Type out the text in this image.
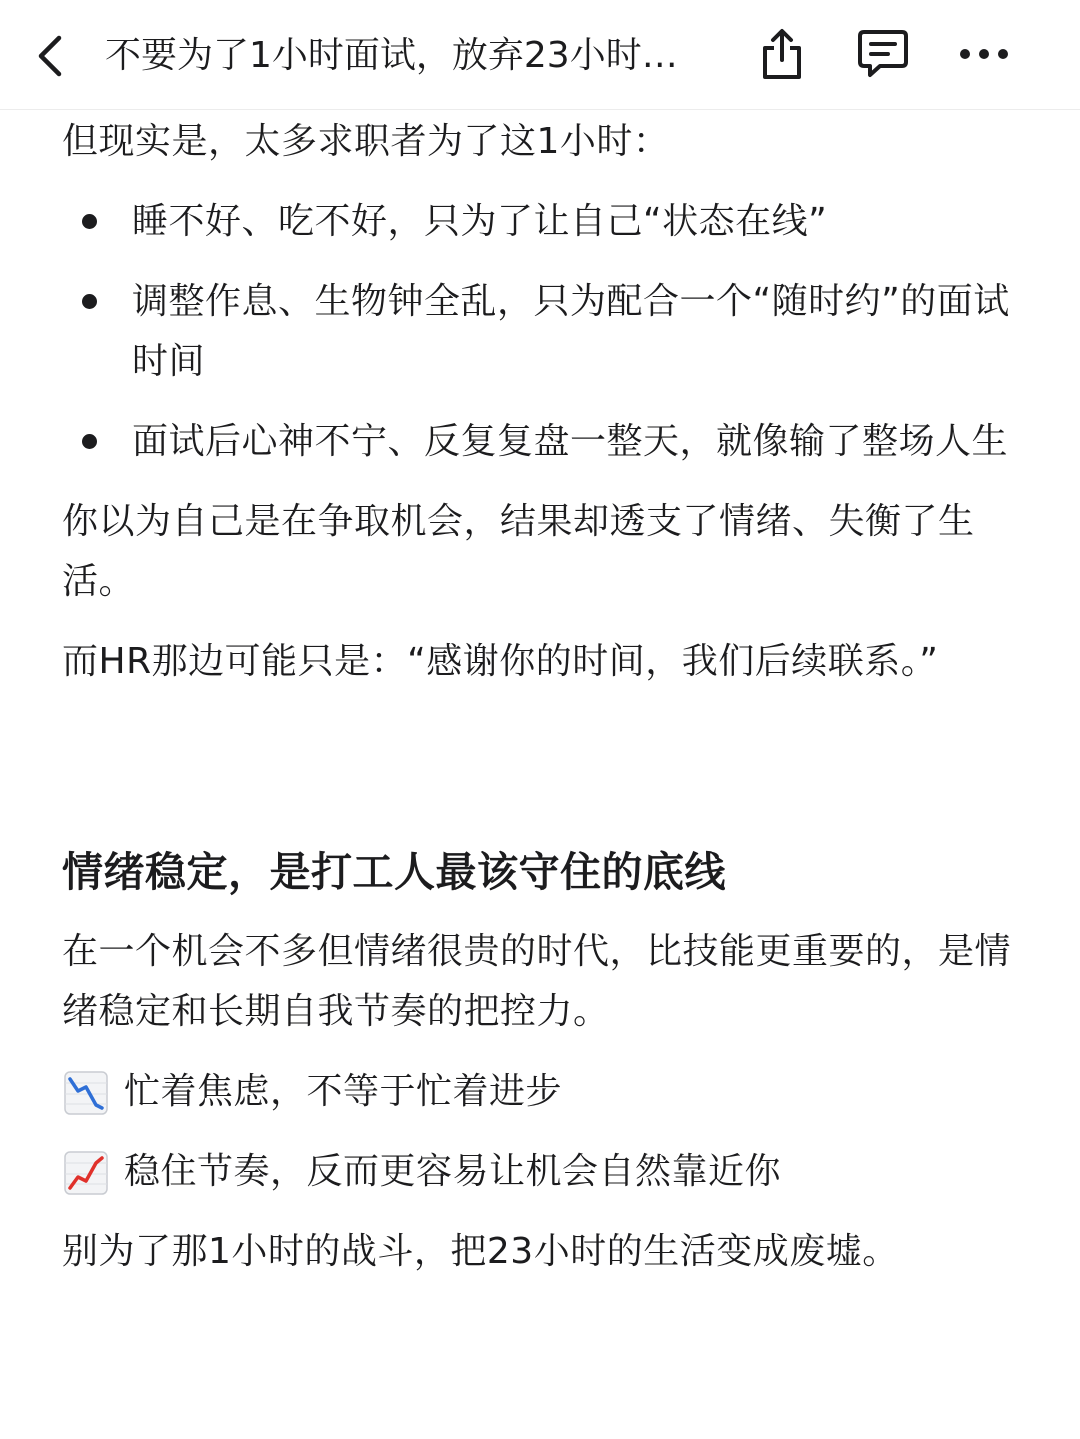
不要为了1小时面试，放弃23小时…
但现实是，太多求职者为了这1小时：
睡不好、吃不好，只为了让自己“状态在线”
调整作息、生物钟全乱，只为配合一个“随时约”的面试时间
面试后心神不宁、反复复盘一整天，就像输了整场人生
你以为自己是在争取机会，结果却透支了情绪、失衡了生活。
而HR那边可能只是：“感谢你的时间，我们后续联系。”
情绪稳定，是打工人最该守住的底线
在一个机会不多但情绪很贵的时代，比技能更重要的，是情绪稳定和长期自我节奏的把控力。
忙着焦虑，不等于忙着进步
稳住节奏，反而更容易让机会自然靠近你
别为了那1小时的战斗，把23小时的生活变成废墟。
